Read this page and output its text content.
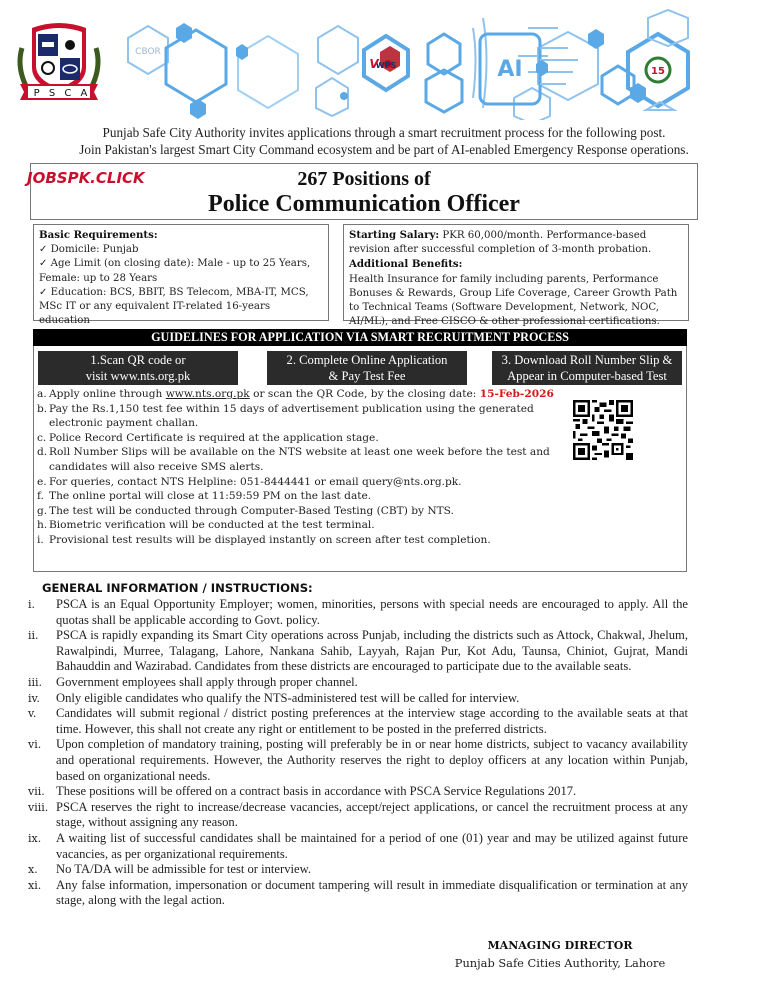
P S C A
15
AI
CBOR
WPS
V
Punjab Safe City Authority invites applications through a smart recruitment process for the following post.
Join Pakistan's largest Smart City Command ecosystem and be part of AI-enabled Emergency Response operations.
JOBSPK.CLICK	267 Positions of
Police Communication Officer
Basic Requirements:
✓ Domicile: Punjab
✓ Age Limit (on closing date): Male - up to 25 Years, Female: up to 28 Years
✓ Education: BCS, BBIT, BS Telecom, MBA-IT, MCS, MSc IT or any equivalent IT-related 16-years education
Starting Salary: PKR 60,000/month. Performance-based revision after successful completion of 3-month probation.
Additional Benefits:
Health Insurance for family including parents, Performance Bonuses & Rewards, Group Life Coverage, Career Growth Path to Technical Teams (Software Development, Network, NOC, AI/ML), and Free CISCO & other professional certifications.
GUIDELINES FOR APPLICATION VIA SMART RECRUITMENT PROCESS
1.Scan QR code or
visit www.nts.org.pk
2. Complete Online Application
& Pay Test Fee
3. Download Roll Number Slip &
Appear in Computer-based Test
a. Apply online through www.nts.org.pk or scan the QR Code, by the closing date: 15-Feb-2026
b. Pay the Rs.1,150 test fee within 15 days of advertisement publication using the generated electronic payment challan.
c. Police Record Certificate is required at the application stage.
d. Roll Number Slips will be available on the NTS website at least one week before the test and candidates will also receive SMS alerts.
e. For queries, contact NTS Helpline: 051-8444441 or email query@nts.org.pk.
f. The online portal will close at 11:59:59 PM on the last date.
g. The test will be conducted through Computer-Based Testing (CBT) by NTS.
h. Biometric verification will be conducted at the test terminal.
i. Provisional test results will be displayed instantly on screen after test completion.
GENERAL INFORMATION / INSTRUCTIONS:
i.	PSCA is an Equal Opportunity Employer; women, minorities, persons with special needs are encouraged to apply. All the quotas shall be applicable according to Govt. policy.
ii.	PSCA is rapidly expanding its Smart City operations across Punjab, including the districts such as Attock, Chakwal, Jhelum, Rawalpindi, Murree, Talagang, Lahore, Nankana Sahib, Layyah, Rajan Pur, Kot Adu, Taunsa, Chiniot, Gujrat, Mandi Bahauddin and Wazirabad. Candidates from these districts are encouraged to participate due to the available seats.
iii.	Government employees shall apply through proper channel.
iv.	Only eligible candidates who qualify the NTS-administered test will be called for interview.
v.	Candidates will submit regional / district posting preferences at the interview stage according to the available seats at that time. However, this shall not create any right or entitlement to be posted in the preferred districts.
vi.	Upon completion of mandatory training, posting will preferably be in or near home districts, subject to vacancy availability and operational requirements. However, the Authority reserves the right to deploy officers at any location within Punjab, based on organizational needs.
vii. These positions will be offered on a contract basis in accordance with PSCA Service Regulations 2017.
viii. PSCA reserves the right to increase/decrease vacancies, accept/reject applications, or cancel the recruitment process at any stage, without assigning any reason.
ix.	A waiting list of successful candidates shall be maintained for a period of one (01) year and may be utilized against future vacancies, as per organizational requirements.
x.	No TA/DA will be admissible for test or interview.
xi.	Any false information, impersonation or document tampering will result in immediate disqualification or termination at any stage, along with the legal action.
MANAGING DIRECTOR
Punjab Safe Cities Authority, Lahore
